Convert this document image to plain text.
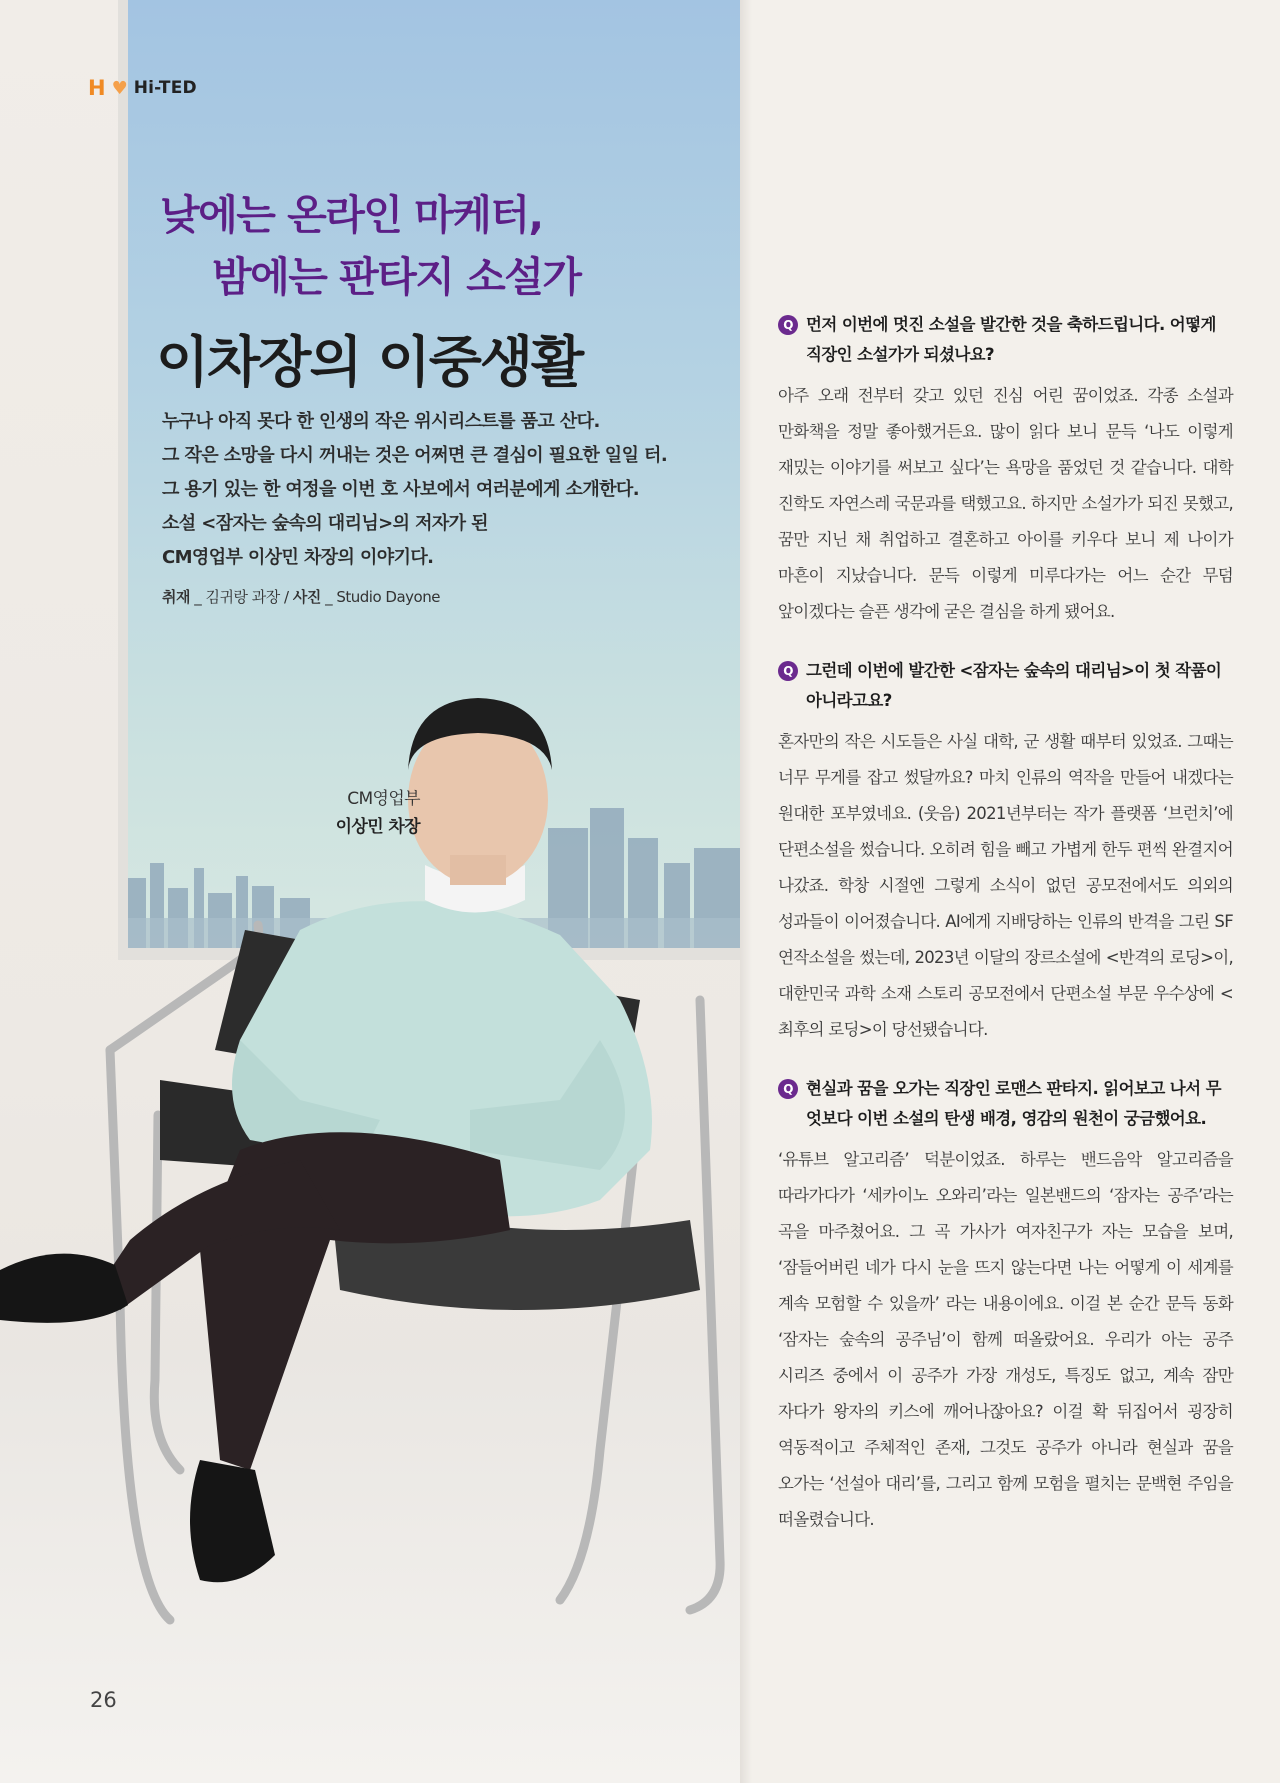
H ♥ Hi-TED
낮에는 온라인 마케터,
밤에는 판타지 소설가
이차장의 이중생활

누구나 아직 못다 한 인생의 작은 위시리스트를 품고 산다.

그 작은 소망을 다시 꺼내는 것은 어쩌면 큰 결심이 필요한 일일 터.

그 용기 있는 한 여정을 이번 호 사보에서 여러분에게 소개한다.

소설 <잠자는 숲속의 대리님>의 저자가 된

CM영업부 이상민 차장의 이야기다.

취재 _ 김귀랑 과장 / 사진 _ Studio Dayone
CM영업부
이상민 차장
26

Q 먼저 이번에 멋진 소설을 발간한 것을 축하드립니다. 어떻게 직장인 소설가가 되셨나요?

아주 오래 전부터 갖고 있던 진심 어린 꿈이었죠. 각종 소설과 만화책을 정말 좋아했거든요. 많이 읽다 보니 문득 ‘나도 이렇게 재밌는 이야기를 써보고 싶다’는 욕망을 품었던 것 같습니다. 대학 진학도 자연스레 국문과를 택했고요. 하지만 소설가가 되진 못했고, 꿈만 지닌 채 취업하고 결혼하고 아이를 키우다 보니 제 나이가 마흔이 지났습니다. 문득 이렇게 미루다가는 어느 순간 무덤 앞이겠다는 슬픈 생각에 굳은 결심을 하게 됐어요.

Q 그런데 이번에 발간한 <잠자는 숲속의 대리님>이 첫 작품이 아니라고요?

혼자만의 작은 시도들은 사실 대학, 군 생활 때부터 있었죠. 그때는 너무 무게를 잡고 썼달까요? 마치 인류의 역작을 만들어 내겠다는 원대한 포부였네요. (웃음) 2021년부터는 작가 플랫폼 ‘브런치’에 단편소설을 썼습니다. 오히려 힘을 빼고 가볍게 한두 편씩 완결지어 나갔죠. 학창 시절엔 그렇게 소식이 없던 공모전에서도 의외의 성과들이 이어졌습니다. AI에게 지배당하는 인류의 반격을 그린 SF 연작소설을 썼는데, 2023년 이달의 장르소설에 <반격의 로딩>이, 대한민국 과학 소재 스토리 공모전에서 단편소설 부문 우수상에 <최후의 로딩>이 당선됐습니다.

Q 현실과 꿈을 오가는 직장인 로맨스 판타지. 읽어보고 나서 무엇보다 이번 소설의 탄생 배경, 영감의 원천이 궁금했어요.

‘유튜브 알고리즘’ 덕분이었죠. 하루는 밴드음악 알고리즘을 따라가다가 ‘세카이노 오와리’라는 일본밴드의 ‘잠자는 공주’라는 곡을 마주쳤어요. 그 곡 가사가 여자친구가 자는 모습을 보며, ‘잠들어버린 네가 다시 눈을 뜨지 않는다면 나는 어떻게 이 세계를 계속 모험할 수 있을까’ 라는 내용이에요. 이걸 본 순간 문득 동화 ‘잠자는 숲속의 공주님’이 함께 떠올랐어요. 우리가 아는 공주 시리즈 중에서 이 공주가 가장 개성도, 특징도 없고, 계속 잠만 자다가 왕자의 키스에 깨어나잖아요? 이걸 확 뒤집어서 굉장히 역동적이고 주체적인 존재, 그것도 공주가 아니라 현실과 꿈을 오가는 ‘선설아 대리’를, 그리고 함께 모험을 펼치는 문백현 주임을 떠올렸습니다.
